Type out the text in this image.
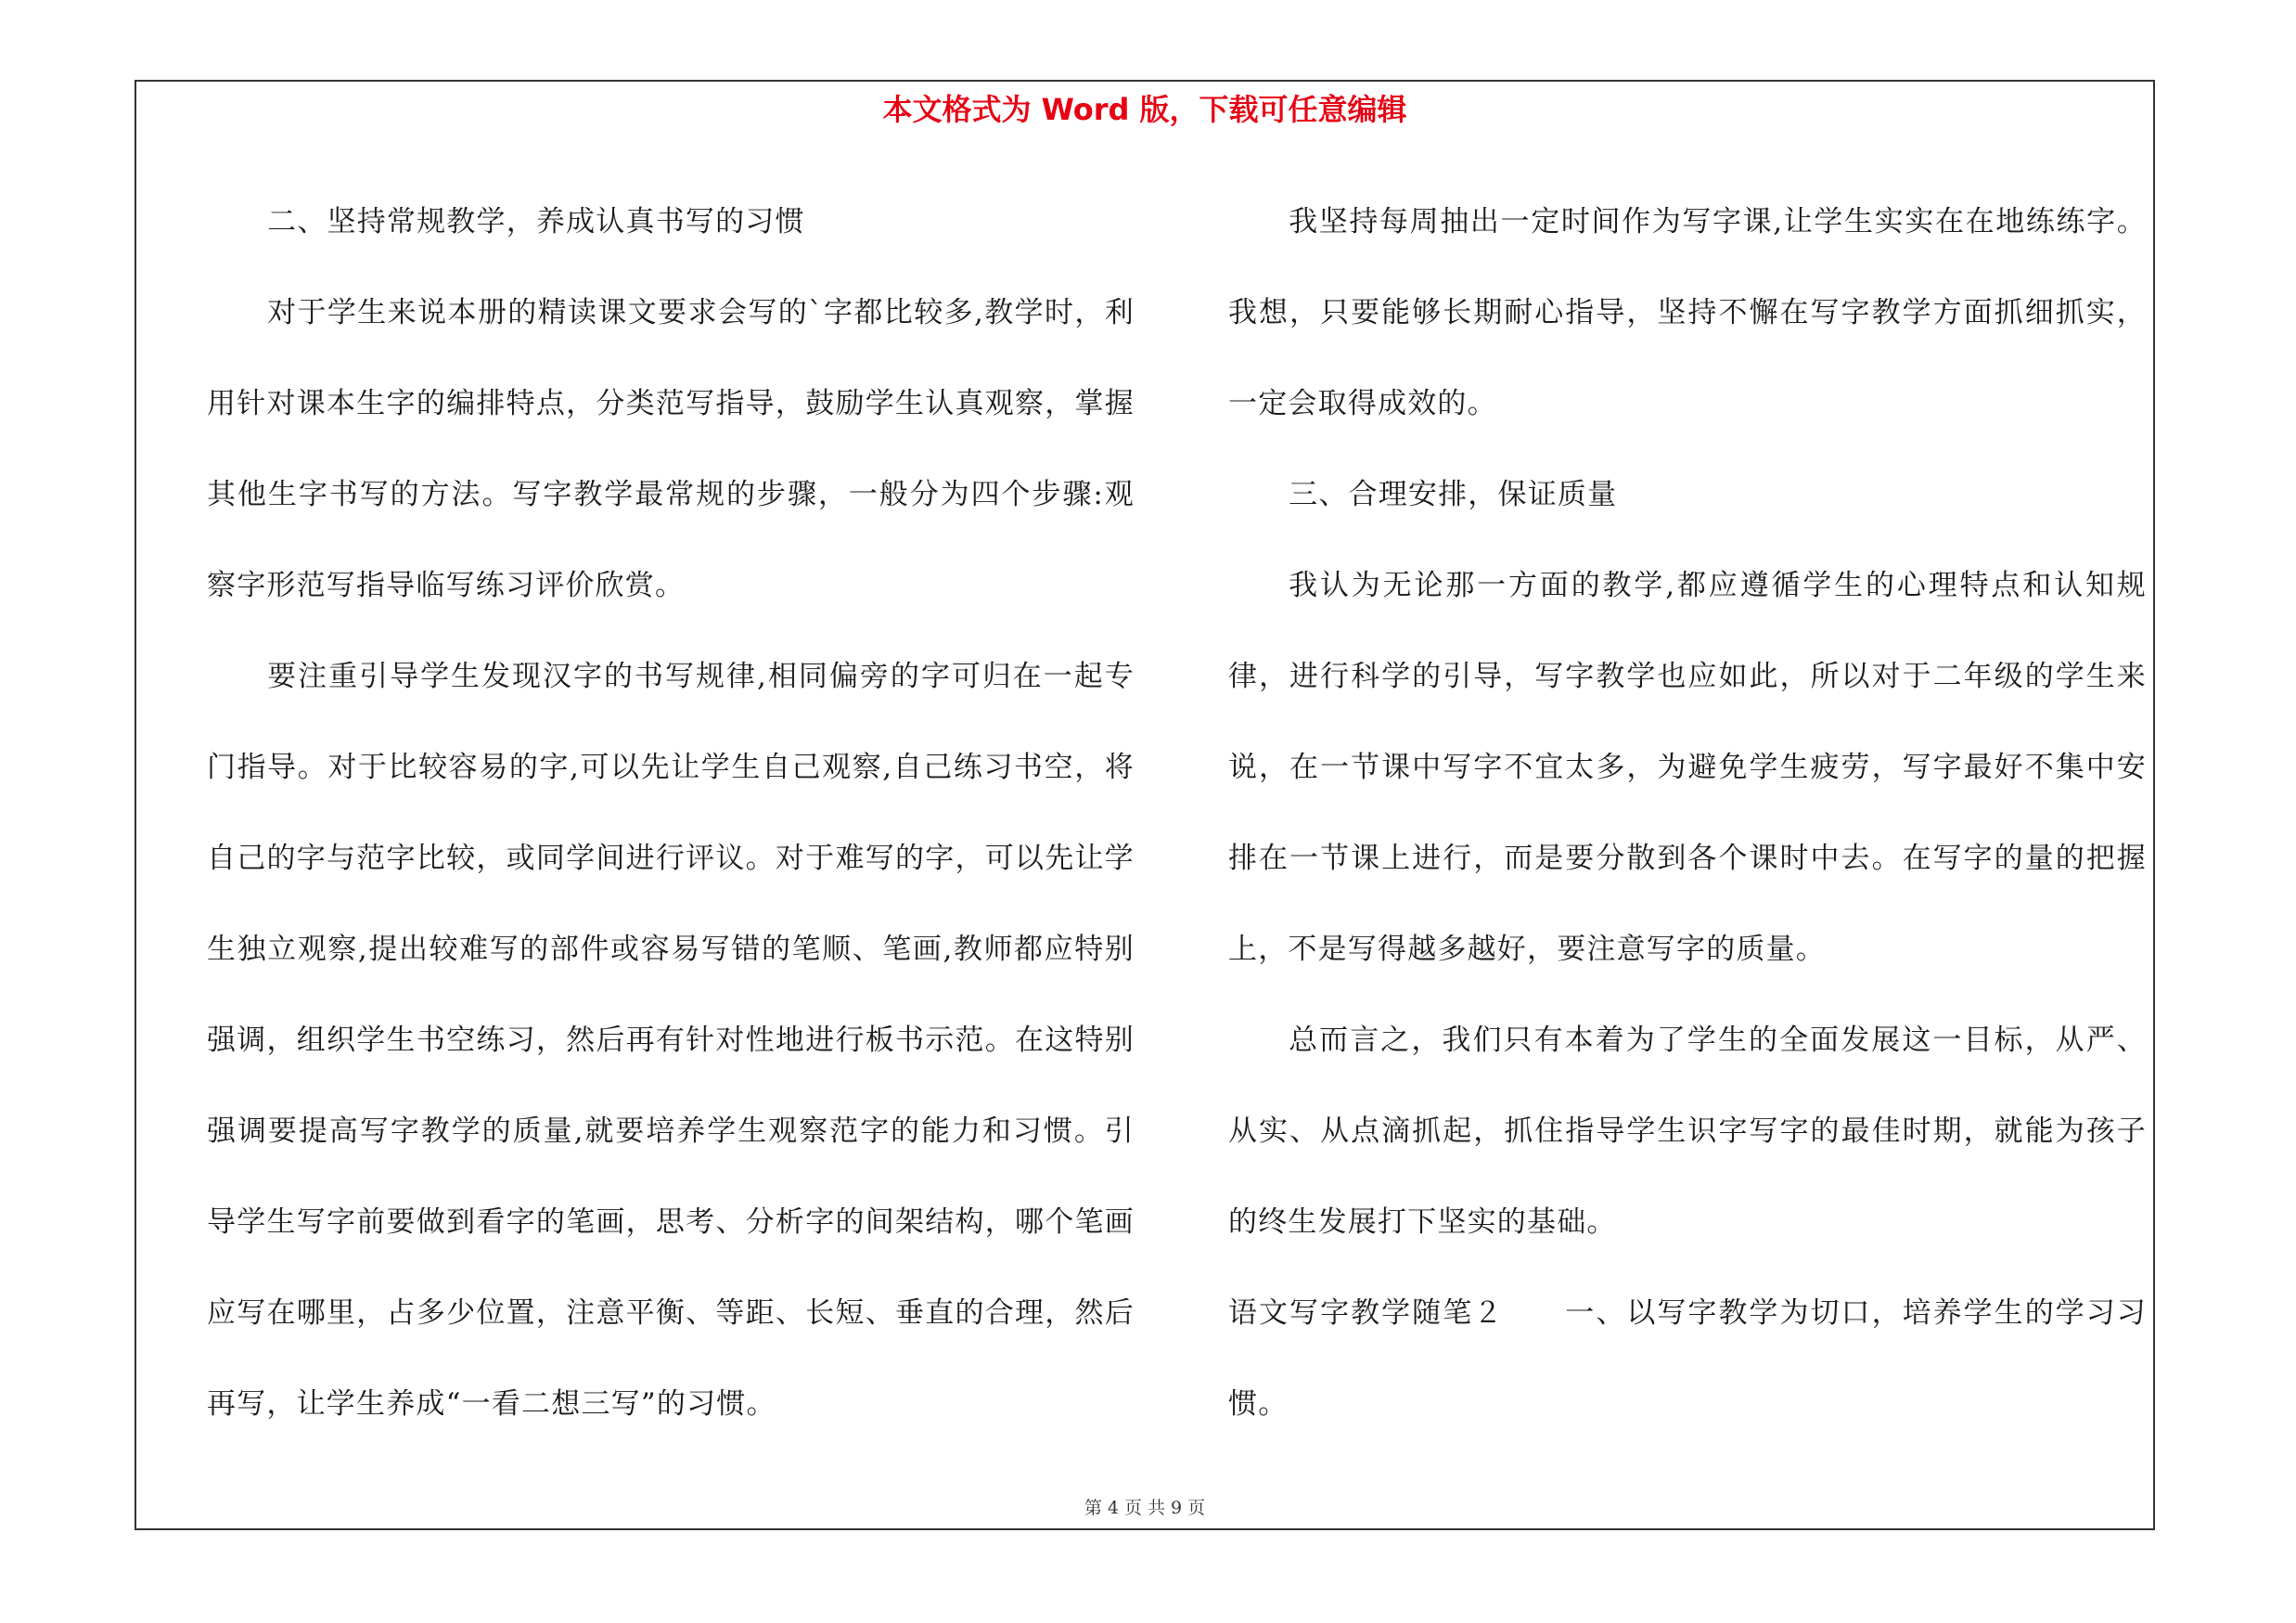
本文格式为 Word 版，下载可任意编辑

二、坚持常规教学，养成认真书写的习惯

对于学生来说本册的精读课文要求会写的`字都比较多,教学时，利用针对课本生字的编排特点，分类范写指导，鼓励学生认真观察，掌握其他生字书写的方法。写字教学最常规的步骤，一般分为四个步骤:观察字形范写指导临写练习评价欣赏。

要注重引导学生发现汉字的书写规律,相同偏旁的字可归在一起专门指导。对于比较容易的字,可以先让学生自己观察,自己练习书空，将自己的字与范字比较，或同学间进行评议。对于难写的字，可以先让学生独立观察,提出较难写的部件或容易写错的笔顺、笔画,教师都应特别强调，组织学生书空练习，然后再有针对性地进行板书示范。在这特别强调要提高写字教学的质量,就要培养学生观察范字的能力和习惯。引导学生写字前要做到看字的笔画，思考、分析字的间架结构，哪个笔画应写在哪里，占多少位置，注意平衡、等距、长短、垂直的合理，然后再写，让学生养成“一看二想三写”的习惯。

我坚持每周抽出一定时间作为写字课,让学生实实在在地练练字。我想，只要能够长期耐心指导，坚持不懈在写字教学方面抓细抓实，一定会取得成效的。

三、合理安排，保证质量

我认为无论那一方面的教学,都应遵循学生的心理特点和认知规律，进行科学的引导，写字教学也应如此，所以对于二年级的学生来说，在一节课中写字不宜太多，为避免学生疲劳，写字最好不集中安排在一节课上进行，而是要分散到各个课时中去。在写字的量的把握上，不是写得越多越好，要注意写字的质量。

总而言之，我们只有本着为了学生的全面发展这一目标，从严、从实、从点滴抓起，抓住指导学生识字写字的最佳时期，就能为孩子的终生发展打下坚实的基础。

语文写字教学随笔２　　一、以写字教学为切口，培养学生的学习习惯。

第 4 页 共 9 页
